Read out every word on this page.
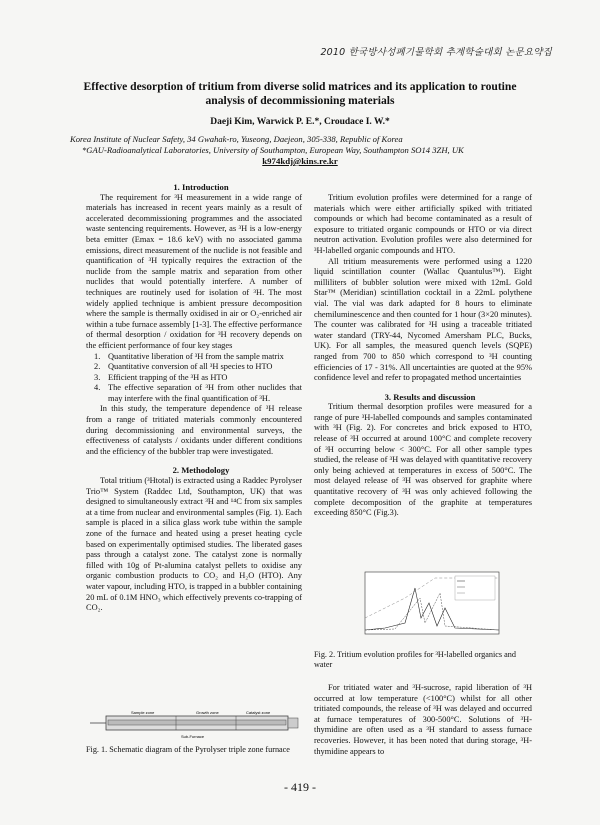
2010 한국방사성폐기물학회 추계학술대회 논문요약집
Effective desorption of tritium from diverse solid matrices and its application to routine analysis of decommissioning materials
Daeji Kim, Warwick P. E.*, Croudace I. W.*
Korea Institute of Nuclear Safety, 34 Gwahak-ro, Yuseong, Daejeon, 305-338, Republic of Korea
*GAU-Radioanalytical Laboratories, University of Southampton, European Way, Southampton SO14 3ZH, UK
k974kdj@kins.re.kr

1. Introduction

The requirement for ³H measurement in a wide range of materials has increased in recent years mainly as a result of accelerated decommissioning programmes and the associated waste sentencing requirements. However, as ³H is a low-energy beta emitter (Emax = 18.6 keV) with no associated gamma emissions, direct measurement of the nuclide is not feasible and quantification of ³H typically requires the extraction of the nuclide from the sample matrix and separation from other nuclides that would potentially interfere. A number of techniques are routinely used for isolation of ³H. The most widely applied technique is ambient pressure decomposition where the sample is thermally oxidised in air or O₂-enriched air within a tube furnace assembly [1-3]. The effective performance of thermal desorption / oxidation for ³H recovery depends on the efficient performance of four key stages

1. Quantitative liberation of ³H from the sample matrix
2. Quantitative conversion of all ³H species to HTO
3. Efficient trapping of the ³H as HTO
4. The effective separation of ³H from other nuclides that may interfere with the final quantification of ³H.

In this study, the temperature dependence of ³H release from a range of tritiated materials commonly encountered during decommissioning and environmental surveys, the effectiveness of catalysts / oxidants under different conditions and the efficiency of the bubbler trap were investigated.

2. Methodology

Total tritium (³Htotal) is extracted using a Raddec Pyrolyser Trio™ System (Raddec Ltd, Southampton, UK) that was designed to simultaneously extract ³H and ¹⁴C from six samples at a time from nuclear and environmental samples (Fig. 1). Each sample is placed in a silica glass work tube within the sample zone of the furnace and heated using a preset heating cycle based on experimentally optimised studies. The liberated gases pass through a catalyst zone. The catalyst zone is normally filled with 10g of Pt-alumina catalyst pellets to oxidise any organic combustion products to CO₂ and H₂O (HTO). Any water vapour, including HTO, is trapped in a bubbler containing 20 mL of 0.1M HNO₃ which effectively prevents co-trapping of CO₂.

Sample zone	Growth zone	Catalyst zone
Sub-Furnace
Fig. 1. Schematic diagram of the Pyrolyser triple zone furnace

Tritium evolution profiles were determined for a range of materials which were either artificially spiked with tritiated compounds or which had become contaminated as a result of exposure to tritiated organic compounds or HTO or via direct neutron activation. Evolution profiles were also determined for ³H-labelled organic compounds and HTO.

All tritium measurements were performed using a 1220 liquid scintillation counter (Wallac Quantulus™). Eight milliliters of bubbler solution were mixed with 12mL Gold Star™ (Meridian) scintillation cocktail in a 22mL polythene vial. The vial was dark adapted for 8 hours to eliminate chemiluminescence and then counted for 1 hour (3×20 minutes). The counter was calibrated for ³H using a traceable tritiated water standard (TRY-44, Nycomed Amersham PLC, Bucks, UK). For all samples, the measured quench levels (SQPE) ranged from 700 to 850 which correspond to ³H counting efficiencies of 17 - 31%. All uncertainties are quoted at the 95% confidence level and refer to propagated method uncertainties

3. Results and discussion

Tritium thermal desorption profiles were measured for a range of pure ³H-labelled compounds and samples contaminated with ³H (Fig. 2). For concretes and brick exposed to HTO, release of ³H occurred at around 100°C and complete recovery of ³H occurring below < 300°C. For all other sample types studied, the release of ³H was delayed with quantitative recovery only being achieved at temperatures in excess of 500°C. The most delayed release of ³H was observed for graphite where quantitative recovery of ³H was only achieved following the complete decomposition of the graphite at temperatures exceeding 850°C (Fig.3).

Fig. 2. Tritium evolution profiles for ³H-labelled organics and water

For tritiated water and ³H-sucrose, rapid liberation of ³H occurred at low temperature (<100°C) whilst for all other tritiated compounds, the release of ³H was delayed and occurred at furnace temperatures of 300-500°C. Solutions of ³H-thymidine are often used as a ³H standard to assess furnace recoveries. However, it has been noted that during storage, ³H-thymidine appears to

- 419 -
